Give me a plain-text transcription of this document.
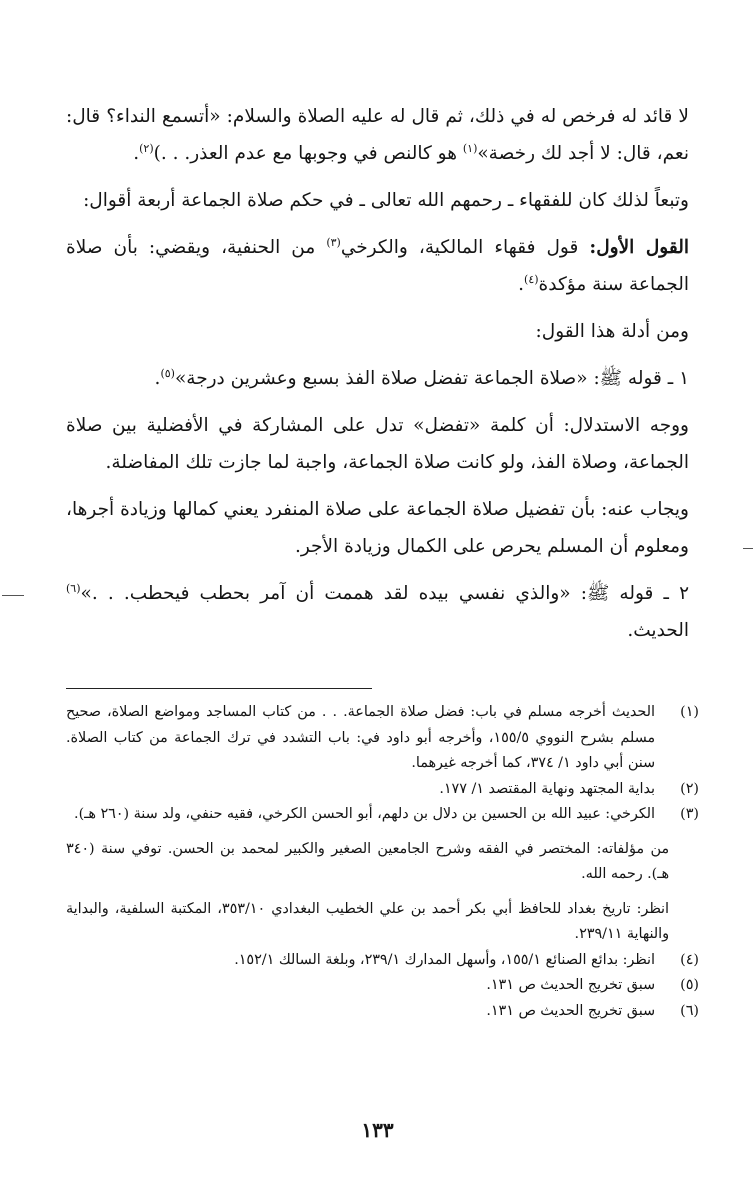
لا قائد له فرخص له في ذلك، ثم قال له عليه الصلاة والسلام: «أتسمع النداء؟ قال: نعم، قال: لا أجد لك رخصة»$^{(١)}$ هو كالنص في وجوبها مع عدم العذر. . .)$^{(٢)}$.

وتبعاً لذلك كان للفقهاء ـ رحمهم الله تعالى ـ في حكم صلاة الجماعة أربعة أقوال:

القول الأول: قول فقهاء المالكية، والكرخي$^{(٣)}$ من الحنفية، ويقضي: بأن صلاة الجماعة سنة مؤكدة$^{(٤)}$.

ومن أدلة هذا القول:

١ ـ قوله ﷺ: «صلاة الجماعة تفضل صلاة الفذ بسبع وعشرين درجة»$^{(٥)}$.

ووجه الاستدلال: أن كلمة «تفضل» تدل على المشاركة في الأفضلية بين صلاة الجماعة، وصلاة الفذ، ولو كانت صلاة الجماعة، واجبة لما جازت تلك المفاضلة.

ويجاب عنه: بأن تفضيل صلاة الجماعة على صلاة المنفرد يعني كمالها وزيادة أجرها، ومعلوم أن المسلم يحرص على الكمال وزيادة الأجر.

٢ ـ قوله ﷺ: «والذي نفسي بيده لقد هممت أن آمر بحطب فيحطب. . .»$^{(٦)}$ الحديث.

(١)
الحديث أخرجه مسلم في باب: فضل صلاة الجماعة. . . من كتاب المساجد ومواضع الصلاة، صحيح مسلم بشرح النووي ١٥٥/٥، وأخرجه أبو داود في: باب التشدد في ترك الجماعة من كتاب الصلاة. سنن أبي داود ١/ ٣٧٤، كما أخرجه غيرهما.
(٢)
بداية المجتهد ونهاية المقتصد ١/ ١٧٧.
(٣)
الكرخي: عبيد الله بن الحسين بن دلال بن دلهم، أبو الحسن الكرخي، فقيه حنفي، ولد سنة (٢٦٠ هـ).
من مؤلفاته: المختصر في الفقه وشرح الجامعين الصغير والكبير لمحمد بن الحسن. توفي سنة (٣٤٠ هـ). رحمه الله.
انظر: تاريخ بغداد للحافظ أبي بكر أحمد بن علي الخطيب البغدادي ٣٥٣/١٠، المكتبة السلفية، والبداية والنهاية ٢٣٩/١١.
(٤)
انظر: بدائع الصنائع ١٥٥/١، وأسهل المدارك ٢٣٩/١، وبلغة السالك ١٥٢/١.
(٥)
سبق تخريج الحديث ص ١٣١.
(٦)
سبق تخريج الحديث ص ١٣١.
١٣٣
